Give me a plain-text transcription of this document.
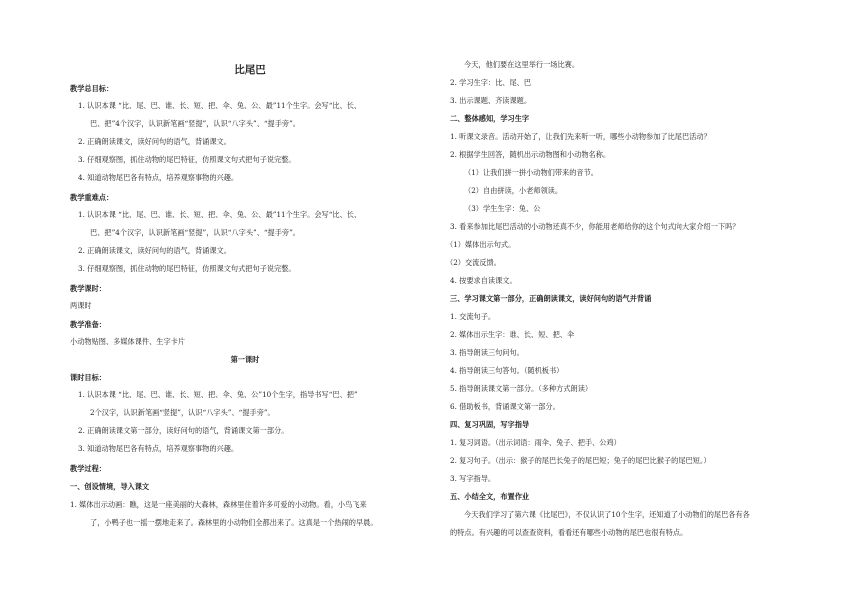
比尾巴
教学总目标：
1. 认识本课 “比、尾、巴、谁、长、短、把、伞、兔、公、最”11个生字。会写“比、长、
巴、把”4个汉字，认识新笔画“竖提”，认识“八字头”、“提手旁”。
2. 正确朗读课文，读好问句的语气，背诵课文。
3. 仔细观察图，抓住动物的尾巴特征，仿照课文句式把句子说完整。
4. 知道动物尾巴各有特点，培养观察事物的兴趣。
教学重难点：
1. 认识本课 “比、尾、巴、谁、长、短、把、伞、兔、公、最”11个生字。会写“比、长、
巴、把”4个汉字，认识新笔画“竖提”，认识“八字头”、“提手旁”。
2. 正确朗读课文，读好问句的语气，背诵课文。
3. 仔细观察图，抓住动物的尾巴特征，仿照课文句式把句子说完整。
教学课时：
两课时
教学准备：
小动物贴图、多媒体课件、生字卡片
第一课时
课时目标：
1. 认识本课 “比、尾、巴、谁、长、短、把、伞、兔、公”10个生字，指导书写“巴、把”
2个汉字，认识新笔画“竖提”，认识“八字头”、“提手旁”。
2. 正确朗读课文第一部分，读好问句的语气，背诵课文第一部分。
3. 知道动物尾巴各有特点，培养观察事物的兴趣。
教学过程：
一、创设情境，导入课文
1. 媒体出示动画：瞧，这是一座美丽的大森林，森林里住着许多可爱的小动物。看，小鸟飞来
了，小鸭子也一摇一摆地走来了。森林里的小动物们全都出来了。这真是一个热闹的早晨。
今天，他们要在这里举行一场比赛。
2. 学习生字：比、尾、巴
3. 出示课题、齐读课题。
二、整体感知，学习生字
1. 听课文录音。活动开始了，让我们先来听一听，哪些小动物参加了比尾巴活动？
2. 根据学生回答，随机出示动物图和小动物名称。
（1）让我们拼一拼小动物们带来的音节。
（2）自由拼读，小老师领读。
（3）学生生字：兔、公
3. 看来参加比尾巴活动的小动物还真不少，你能用老师给你的这个句式向大家介绍一下吗？
（1）媒体出示句式。
（2）交流反馈。
4. 按要求自读课文。
三、学习课文第一部分，正确朗读课文，读好问句的语气并背诵
1. 交流句子。
2. 媒体出示生字：谁、长、短、把、伞
3. 指导朗读三句问句。
4. 指导朗读三句答句。（随机板书）
5. 指导朗读课文第一部分。（多种方式朗读）
6. 借助板书，背诵课文第一部分。
四、复习巩固，写字指导
1. 复习词语。（出示词语：雨伞、兔子、把手、公鸡）
2. 复习句子。（出示：猴子的尾巴长兔子的尾巴短；兔子的尾巴比猴子的尾巴短。）
3. 写字指导。
五、小结全文，布置作业
今天我们学习了第六课《比尾巴》，不仅认识了10个生字，还知道了小动物们的尾巴各有各
的特点。有兴趣的可以查查资料，看看还有哪些小动物的尾巴也很有特点。
